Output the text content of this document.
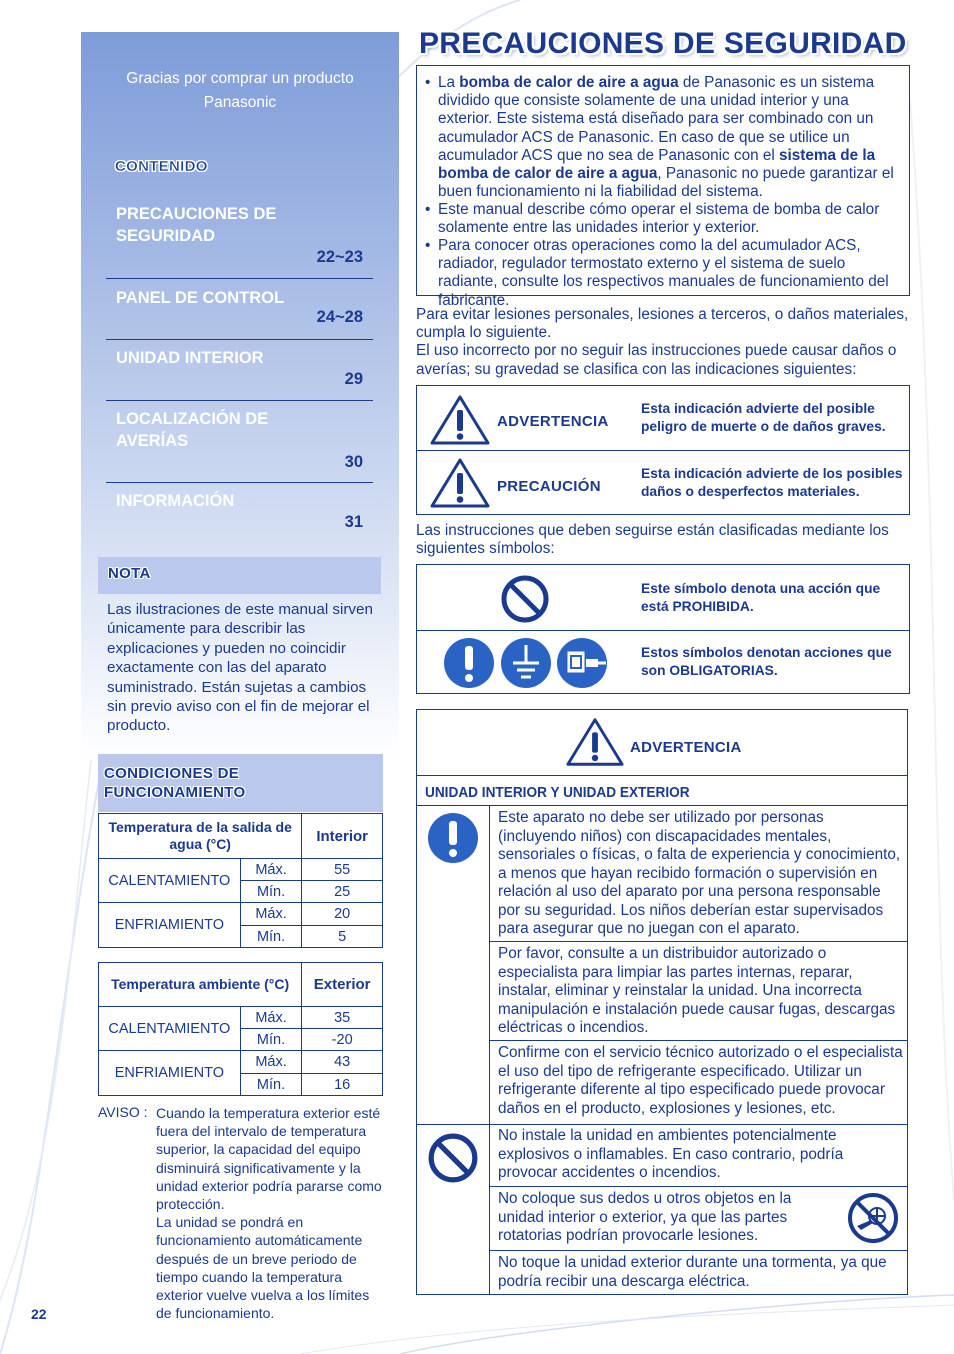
Gracias por comprar un producto Panasonic
CONTENIDO
PRECAUCIONES DE SEGURIDAD
22~23
PANEL DE CONTROL
24~28
UNIDAD INTERIOR
29
LOCALIZACIÓN DE AVERÍAS
30
INFORMACIÓN
31
NOTA
Las ilustraciones de este manual sirven únicamente para describir las explicaciones y pueden no coincidir exactamente con las del aparato suministrado. Están sujetas a cambios sin previo aviso con el fin de mejorar el producto.
CONDICIONES DE FUNCIONAMIENTO
Temperatura de la salida de agua (°C)		Interior
CALENTAMIENTO	Máx.	55
	Mín.	25
ENFRIAMIENTO	Máx.	20
	Mín.	5
Temperatura ambiente (°C)		Exterior
CALENTAMIENTO	Máx.	35
	Mín.	-20
ENFRIAMIENTO	Máx.	43
	Mín.	16
AVISO : Cuando la temperatura exterior esté fuera del intervalo de temperatura superior, la capacidad del equipo disminuirá significativamente y la unidad exterior podría pararse como protección.
La unidad se pondrá en funcionamiento automáticamente después de un breve periodo de tiempo cuando la temperatura exterior vuelve vuelva a los límites de funcionamiento.
22
PRECAUCIONES DE SEGURIDAD
• La bomba de calor de aire a agua de Panasonic es un sistema dividido que consiste solamente de una unidad interior y una exterior. Este sistema está diseñado para ser combinado con un acumulador ACS de Panasonic. En caso de que se utilice un acumulador ACS que no sea de Panasonic con el sistema de la bomba de calor de aire a agua, Panasonic no puede garantizar el buen funcionamiento ni la fiabilidad del sistema.
• Este manual describe cómo operar el sistema de bomba de calor solamente entre las unidades interior y exterior.
• Para conocer otras operaciones como la del acumulador ACS, radiador, regulador termostato externo y el sistema de suelo radiante, consulte los respectivos manuales de funcionamiento del fabricante.
Para evitar lesiones personales, lesiones a terceros, o daños materiales, cumpla lo siguiente.
El uso incorrecto por no seguir las instrucciones puede causar daños o averías; su gravedad se clasifica con las indicaciones siguientes:
ADVERTENCIA
Esta indicación advierte del posible peligro de muerte o de daños graves.
PRECAUCIÓN
Esta indicación advierte de los posibles daños o desperfectos materiales.
Las instrucciones que deben seguirse están clasificadas mediante los siguientes símbolos:
Este símbolo denota una acción que está PROHIBIDA.
Estos símbolos denotan acciones que son OBLIGATORIAS.
ADVERTENCIA
UNIDAD INTERIOR Y UNIDAD EXTERIOR
Este aparato no debe ser utilizado por personas (incluyendo niños) con discapacidades mentales, sensoriales o físicas, o falta de experiencia y conocimiento, a menos que hayan recibido formación o supervisión en relación al uso del aparato por una persona responsable por su seguridad. Los niños deberían estar supervisados para asegurar que no juegan con el aparato.
Por favor, consulte a un distribuidor autorizado o especialista para limpiar las partes internas, reparar, instalar, eliminar y reinstalar la unidad. Una incorrecta manipulación e instalación puede causar fugas, descargas eléctricas o incendios.
Confirme con el servicio técnico autorizado o el especialista el uso del tipo de refrigerante especificado. Utilizar un refrigerante diferente al tipo especificado puede provocar daños en el producto, explosiones y lesiones, etc.
No instale la unidad en ambientes potencialmente explosivos o inflamables. En caso contrario, podría provocar accidentes o incendios.
No coloque sus dedos u otros objetos en la unidad interior o exterior, ya que las partes rotatorias podrían provocarle lesiones.
No toque la unidad exterior durante una tormenta, ya que podría recibir una descarga eléctrica.
